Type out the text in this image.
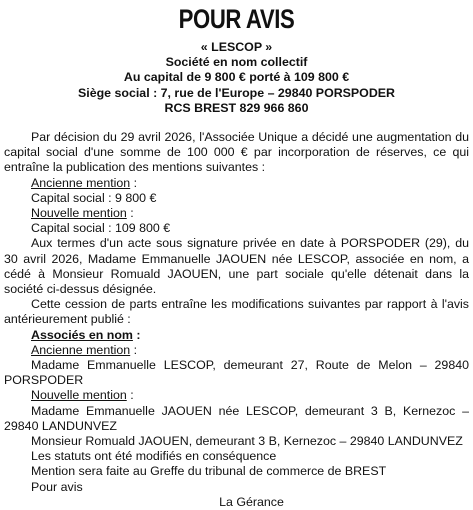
POUR AVIS
« LESCOP »
Société en nom collectif
Au capital de 9 800 € porté à 109 800 €
Siège social : 7, rue de l'Europe – 29840 PORSPODER
RCS BREST 829 966 860
Par décision du 29 avril 2026, l'Associée Unique a décidé une augmentation du capital social d'une somme de 100 000 € par incorporation de réserves, ce qui entraîne la publication des mentions suivantes :
Ancienne mention :
Capital social : 9 800 €
Nouvelle mention :
Capital social : 109 800 €
Aux termes d'un acte sous signature privée en date à PORSPODER (29), du 30 avril 2026, Madame Emmanuelle JAOUEN née LESCOP, associée en nom, a cédé à Monsieur Romuald JAOUEN, une part sociale qu'elle détenait dans la société ci-dessus désignée.
Cette cession de parts entraîne les modifications suivantes par rapport à l'avis antérieurement publié :
Associés en nom :
Ancienne mention :
Madame Emmanuelle LESCOP, demeurant 27, Route de Melon – 29840 PORSPODER
Nouvelle mention :
Madame Emmanuelle JAOUEN née LESCOP, demeurant 3 B, Kernezoc – 29840 LANDUNVEZ
Monsieur Romuald JAOUEN, demeurant 3 B, Kernezoc – 29840 LANDUNVEZ
Les statuts ont été modifiés en conséquence
Mention sera faite au Greffe du tribunal de commerce de BREST
Pour avis
La Gérance
